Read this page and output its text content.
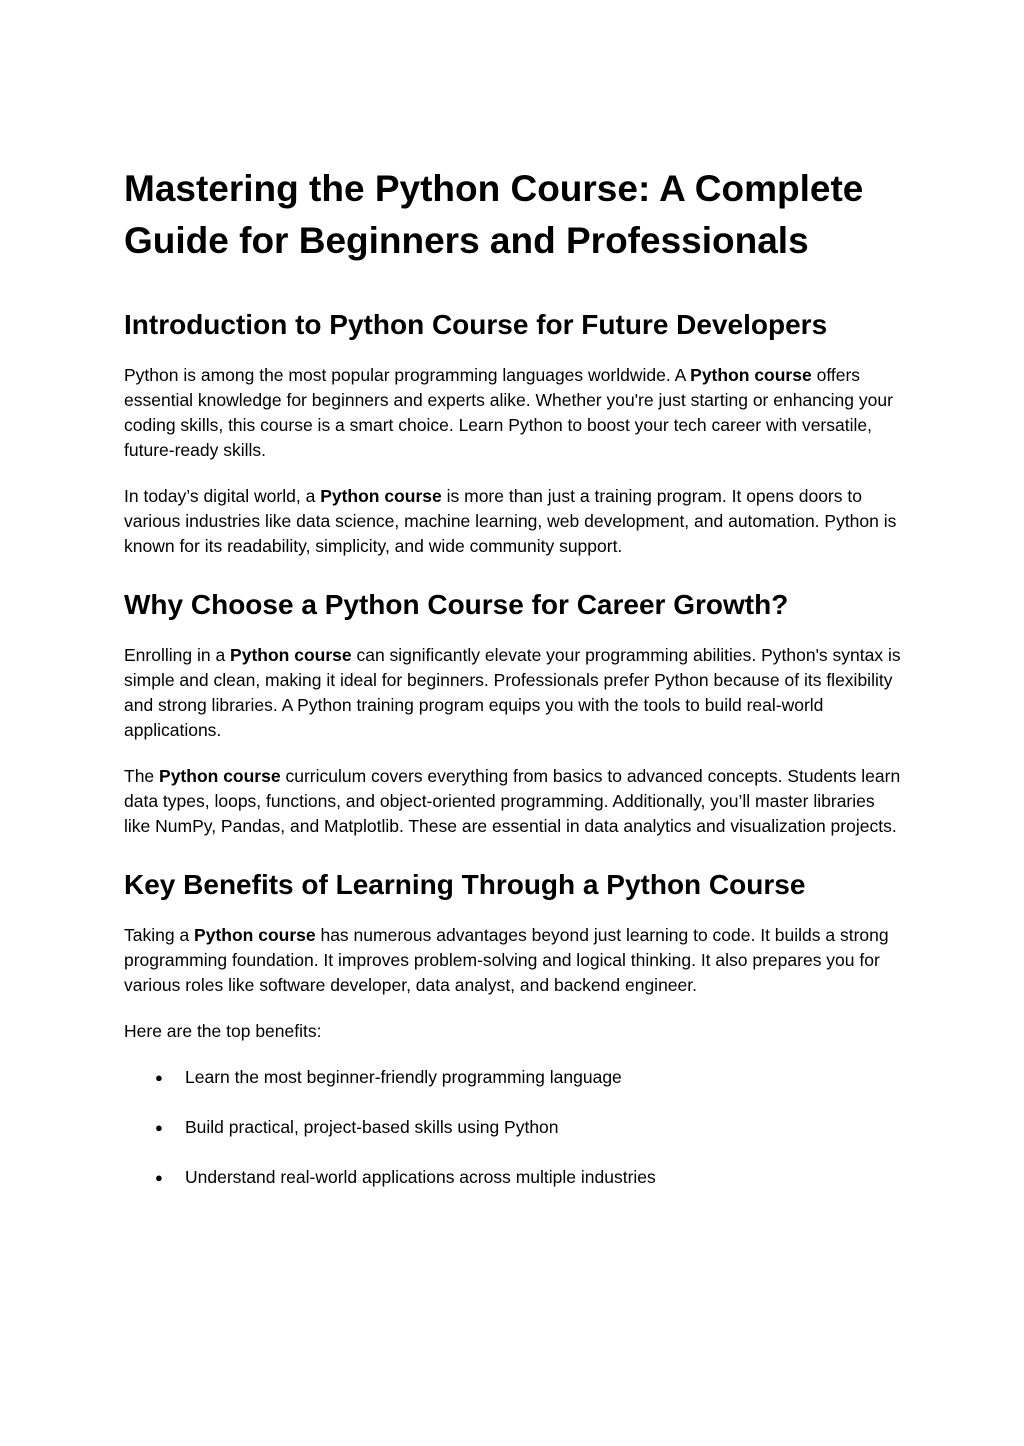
Mastering the Python Course: A Complete Guide for Beginners and Professionals
Introduction to Python Course for Future Developers

Python is among the most popular programming languages worldwide. A Python course offers essential knowledge for beginners and experts alike. Whether you're just starting or enhancing your coding skills, this course is a smart choice. Learn Python to boost your tech career with versatile, future-ready skills.

In today’s digital world, a Python course is more than just a training program. It opens doors to various industries like data science, machine learning, web development, and automation. Python is known for its readability, simplicity, and wide community support.

Why Choose a Python Course for Career Growth?

Enrolling in a Python course can significantly elevate your programming abilities. Python's syntax is simple and clean, making it ideal for beginners. Professionals prefer Python because of its flexibility and strong libraries. A Python training program equips you with the tools to build real-world applications.

The Python course curriculum covers everything from basics to advanced concepts. Students learn data types, loops, functions, and object-oriented programming. Additionally, you’ll master libraries like NumPy, Pandas, and Matplotlib. These are essential in data analytics and visualization projects.

Key Benefits of Learning Through a Python Course

Taking a Python course has numerous advantages beyond just learning to code. It builds a strong programming foundation. It improves problem-solving and logical thinking. It also prepares you for various roles like software developer, data analyst, and backend engineer.

Here are the top benefits:

● Learn the most beginner-friendly programming language
● Build practical, project-based skills using Python
● Understand real-world applications across multiple industries
